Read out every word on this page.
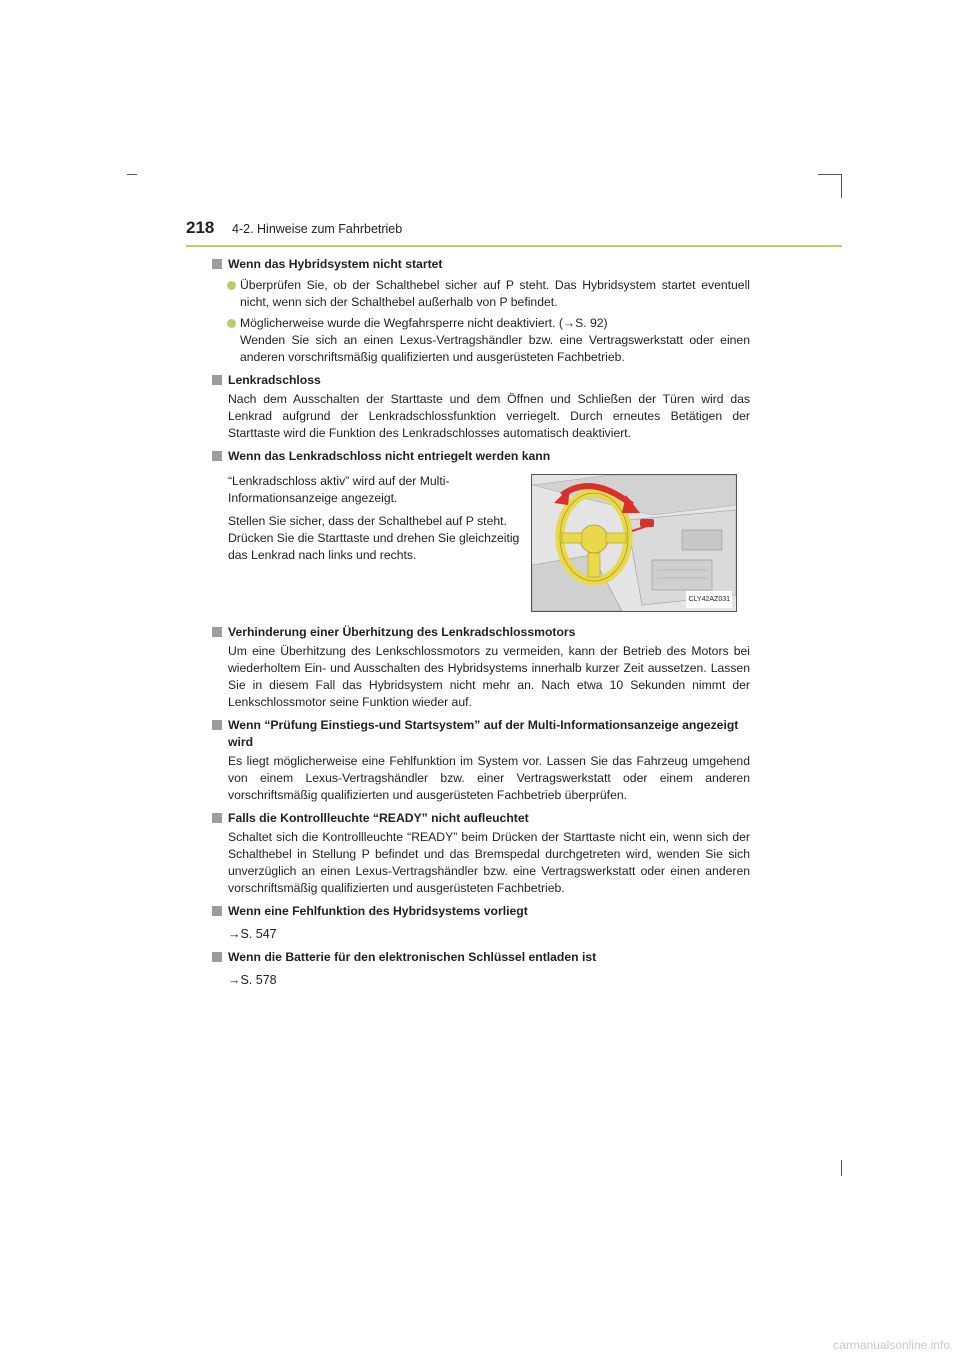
218 4-2. Hinweise zum Fahrbetrieb
Wenn das Hybridsystem nicht startet
Überprüfen Sie, ob der Schalthebel sicher auf P steht. Das Hybridsystem startet eventuell nicht, wenn sich der Schalthebel außerhalb von P befindet.
Möglicherweise wurde die Wegfahrsperre nicht deaktiviert. (→S. 92)
Wenden Sie sich an einen Lexus-Vertragshändler bzw. eine Vertragswerkstatt oder einen anderen vorschriftsmäßig qualifizierten und ausgerüsteten Fachbetrieb.
Lenkradschloss
Nach dem Ausschalten der Starttaste und dem Öffnen und Schließen der Türen wird das Lenkrad aufgrund der Lenkradschlossfunktion verriegelt. Durch erneutes Betätigen der Starttaste wird die Funktion des Lenkradschlosses automatisch deaktiviert.
Wenn das Lenkradschloss nicht entriegelt werden kann

“Lenkradschloss aktiv” wird auf der Multi-Informationsanzeige angezeigt.

Stellen Sie sicher, dass der Schalthebel auf P steht. Drücken Sie die Starttaste und drehen Sie gleichzeitig das Lenkrad nach links und rechts.

CLY42AZ031
Verhinderung einer Überhitzung des Lenkradschlossmotors
Um eine Überhitzung des Lenkschlossmotors zu vermeiden, kann der Betrieb des Motors bei wiederholtem Ein- und Ausschalten des Hybridsystems innerhalb kurzer Zeit aussetzen. Lassen Sie in diesem Fall das Hybridsystem nicht mehr an. Nach etwa 10 Sekunden nimmt der Lenkschlossmotor seine Funktion wieder auf.
Wenn “Prüfung Einstiegs-und Startsystem” auf der Multi-Informationsanzeige angezeigt wird
Es liegt möglicherweise eine Fehlfunktion im System vor. Lassen Sie das Fahrzeug umgehend von einem Lexus-Vertragshändler bzw. einer Vertragswerkstatt oder einem anderen vorschriftsmäßig qualifizierten und ausgerüsteten Fachbetrieb überprüfen.
Falls die Kontrollleuchte “READY” nicht aufleuchtet
Schaltet sich die Kontrollleuchte “READY” beim Drücken der Starttaste nicht ein, wenn sich der Schalthebel in Stellung P befindet und das Bremspedal durchgetreten wird, wenden Sie sich unverzüglich an einen Lexus-Vertragshändler bzw. eine Vertragswerkstatt oder einen anderen vorschriftsmäßig qualifizierten und ausgerüsteten Fachbetrieb.
Wenn eine Fehlfunktion des Hybridsystems vorliegt
→S. 547
Wenn die Batterie für den elektronischen Schlüssel entladen ist
→S. 578
carmanualsonline.info
